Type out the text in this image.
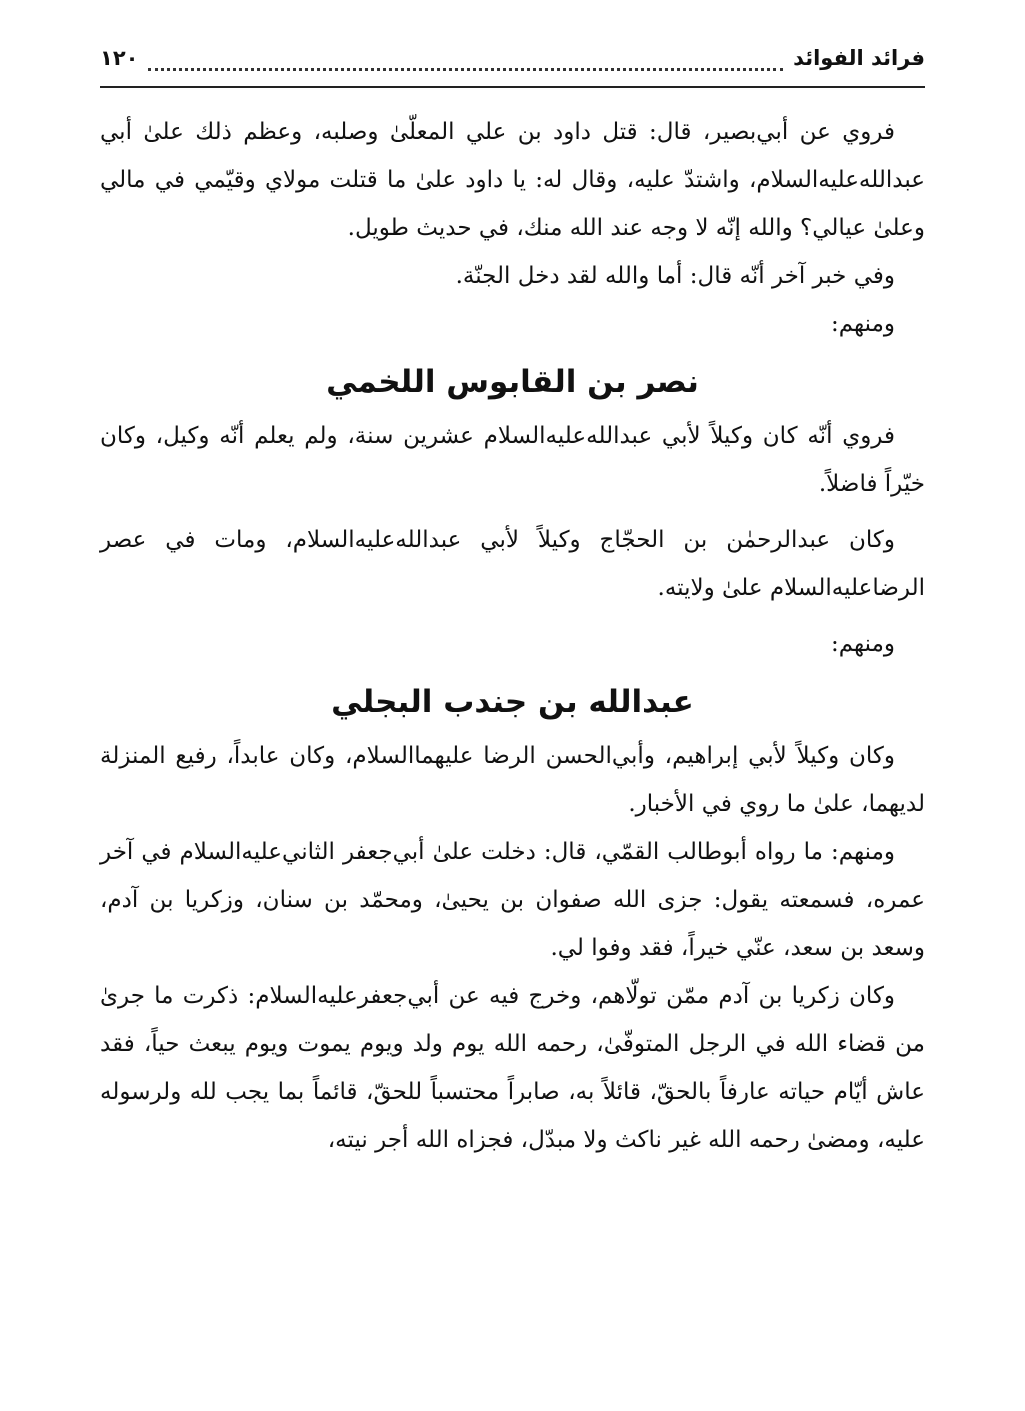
١٢٠	فرائد الفوائد

فروي عن أبي‌بصير، قال: قتل داود بن علي المعلّىٰ وصلبه، وعظم ذلك علىٰ أبي عبدالله‌عليه‌السلام، واشتدّ عليه، وقال له: يا داود علىٰ ما قتلت مولاي وقيّمي في مالي وعلىٰ عيالي؟ والله إنّه لا وجه عند الله منك، في حديث طويل.

وفي خبر آخر أنّه قال: أما والله لقد دخل الجنّة.

ومنهم:

نصر بن القابوس اللخمي

فروي أنّه كان وكيلاً لأبي عبدالله‌عليه‌السلام عشرين سنة، ولم يعلم أنّه وكيل، وكان خيّراً فاضلاً.

وكان عبدالرحمٰن بن الحجّاج وكيلاً لأبي عبدالله‌عليه‌السلام، ومات في عصر الرضا‌عليه‌السلام علىٰ ولايته.

ومنهم:

عبدالله بن جندب البجلي

وكان وكيلاً لأبي إبراهيم، وأبي‌الحسن الرضا عليهما‌السلام، وكان عابداً، رفيع المنزلة لديهما، علىٰ ما روي في الأخبار.

ومنهم: ما رواه أبوطالب القمّي، قال: دخلت علىٰ أبي‌جعفر الثاني‌عليه‌السلام في آخر عمره، فسمعته يقول: جزى الله صفوان بن يحيىٰ، ومحمّد بن سنان، وزكريا بن آدم، وسعد بن سعد، عنّي خيراً، فقد وفوا لي.

وكان زكريا بن آدم ممّن تولّاهم، وخرج فيه عن أبي‌جعفر‌عليه‌السلام: ذكرت ما جرىٰ من قضاء الله في الرجل المتوفّىٰ، رحمه الله يوم ولد ويوم يموت ويوم يبعث حياً، فقد عاش أيّام حياته عارفاً بالحقّ، قائلاً به، صابراً محتسباً للحقّ، قائماً بما يجب لله ولرسوله عليه، ومضىٰ رحمه الله غير ناكث ولا مبدّل، فجزاه الله أجر نيته،
